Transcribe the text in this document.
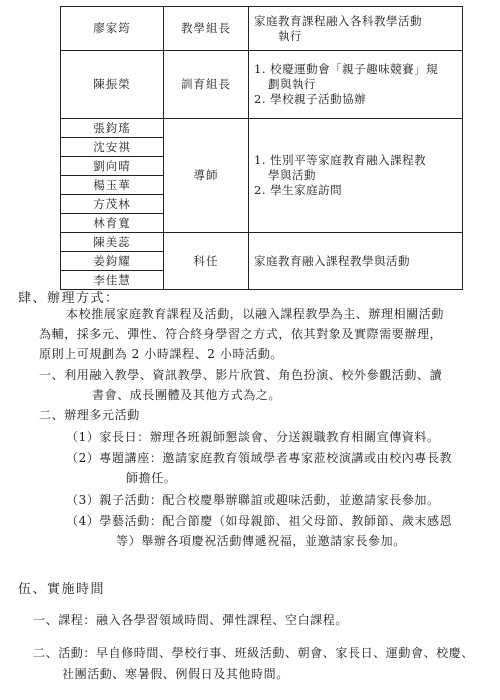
廖家筠	教學組長	家庭教育課程融入各科教學活動
執行

陳振榮	訓育組長	1. 校慶運動會「親子趣味競賽」規
劃與執行
2. 學校親子活動協辦

張鈞瑤	導師	1. 性別平等家庭教育融入課程教
學與活動
2. 學生家庭訪問

沈安祺		
劉向晴		
楊玉華		
方茂林		
林育寬		
陳美蕊	科任	家庭教育融入課程教學與活動

姜鈞耀		
李佳慧		
肆、辦理方式：
本校推展家庭教育課程及活動，以融入課程教學為主、辦理相關活動
為輔，採多元、彈性、符合終身學習之方式，依其對象及實際需要辦理，
原則上可規劃為 2 小時課程、2 小時活動。
一、利用融入教學、資訊教學、影片欣賞、角色扮演、校外參觀活動、讀
書會、成長團體及其他方式為之。
二、辦理多元活動
（1）家長日：辦理各班親師懇談會、分送親職教育相關宣傳資料。
（2）專題講座：邀請家庭教育領域學者專家蒞校演講或由校內專長教
師擔任。
（3）親子活動：配合校慶舉辦聯誼或趣味活動，並邀請家長參加。
（4）學藝活動：配合節慶（如母親節、祖父母節、教師節、歲末感恩
等）舉辦各項慶祝活動傳遞祝福，並邀請家長參加。
伍、實施時間
一、課程：融入各學習領域時間、彈性課程、空白課程。
二、活動：早自修時間、學校行事、班級活動、朝會、家長日、運動會、校慶、
社團活動、寒暑假、例假日及其他時間。
